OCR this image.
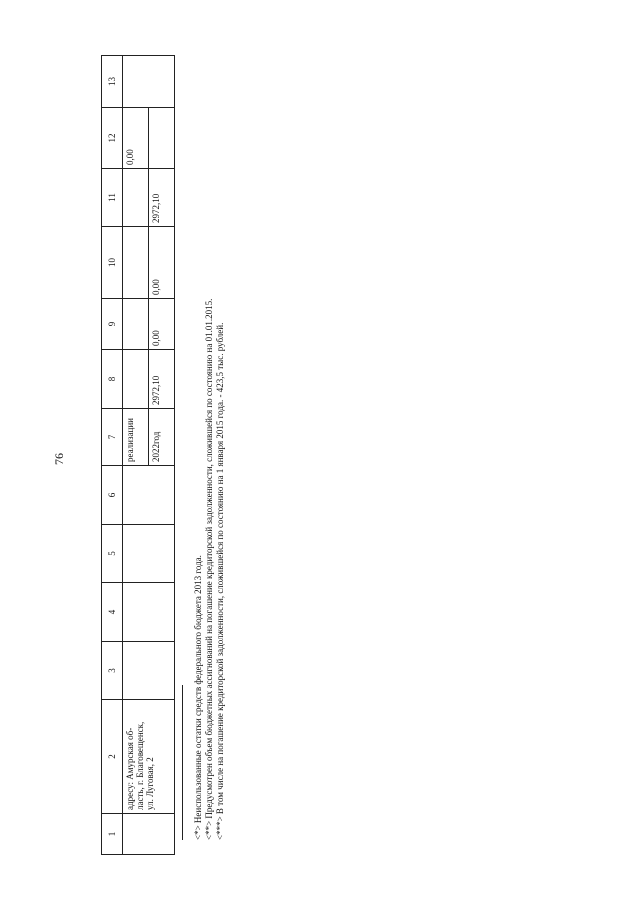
76
1	2	3	4	5	6	7	8	9	10	11	12	13

	адресу: Амурская об- ласть, г. Благовещенск, ул. Луговая, 2					реализации					0,00	
						2022год	2972,10	0,00	0,00	2972,10		
<*> Неиспользованные остатки средств федерального бюджета 2013 года. <**> Предусмотрен объем бюджетных ассигнований на погашение кредиторской задолженности, сложившейся по состоянию на 01.01.2015. <***> В том числе на погашение кредиторской задолженности, сложившейся по состоянию на 1 января 2015 года. - 423,5 тыс. рублей.
